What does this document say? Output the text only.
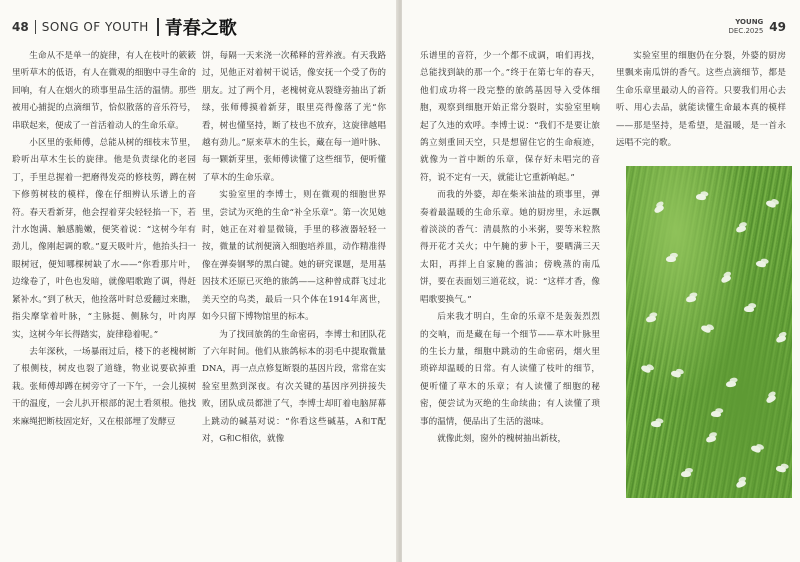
48 SONG OF YOUTH 青春之歌

生命从不是单一的旋律，有人在枝叶的簌簌里听草木的低语，有人在微观的细胞中寻生命的回响，有人在烟火的琐事里品生活的温情。那些被用心捕捉的点滴细节，恰似散落的音乐符号，串联起来，便成了一首活着动人的生命乐章。

小区里的张师傅，总能从树的细枝末节里，聆听出草木生长的旋律。他是负责绿化的老园丁，手里总握着一把磨得发亮的修枝剪，蹲在树下修剪树枝的模样，像在仔细辨认乐谱上的音符。春天看新芽，他会捏着芽尖轻轻掐一下，若汁水饱满、触感脆嫩，便笑着说：“这树今年有劲儿，像刚起调的歌。”夏天吸叶片，他抬头扫一眼树冠，便知哪棵树缺了水——“你看那片叶，边缘卷了，叶色也发暗，就像唱歌跑了调，得赶紧补水。”到了秋天，他捡落叶时总爱翻过来瞧，指尖摩挲着叶脉，“主脉挺、侧脉匀，叶肉厚实，这树今年长得踏实，旋律稳着呢。”

去年深秋，一场暴雨过后，楼下的老槐树断了根侧枝，树皮也裂了道缝，物业说要砍掉重栽。张师傅却蹲在树旁守了一下午，一会儿摸树干的温度，一会儿扒开根部的泥土看须根。他找来麻绳把断枝固定好，又在根部埋了发酵豆

饼，每隔一天来浇一次稀释的营养液。有天我路过，见他正对着树干说话，像安抚一个受了伤的朋友。过了两个月，老槐树竟从裂缝旁抽出了新绿，张师傅摸着新芽，眼里亮得像落了光“你看，树也懂坚持，断了枝也不放弃，这旋律越唱越有劲儿。”原来草木的生长，藏在每一道叶脉、每一颗新芽里，张师傅读懂了这些细节，便听懂了草木的生命乐章。

实验室里的李博士，则在微观的细胞世界里，尝试为灭绝的生命“补全乐章”。第一次见她时，她正在对着显微镜，手里的移液器轻轻一按，微量的试剂便滴入细胞培养皿，动作精准得像在弹奏钢琴的黑白键。她的研究课题，是用基因技术还原已灭绝的旅鸽——这种曾成群飞过北美天空的鸟类，最后一只个体在1914年离世，如今只留下博物馆里的标本。

为了找回旅鸽的生命密码，李博士和团队花了六年时间。他们从旅鸽标本的羽毛中提取微量DNA，再一点点修复断裂的基因片段，常常在实验室里熬到深夜。有次关键的基因序列拼接失败，团队成员都泄了气，李博士却盯着电脑屏幕上跳动的碱基对说：“你看这些碱基，A和T配对，G和C相依，就像

YOUNG
DEC.2025 49

乐谱里的音符，少一个都不成调，咱们再找，总能找到缺的那一个。”终于在第七年的春天，他们成功将一段完整的旅鸽基因导入受体细胞，观察到细胞开始正常分裂时，实验室里响起了久违的欢呼。李博士说：“我们不是要让旅鸽立刻重回天空，只是想留住它的生命痕迹，就像为一首中断的乐章，保存好未唱完的音符，说不定有一天，就能让它重新响起。”

而我的外婆，却在柴米油盐的琐事里，弹奏着最温暖的生命乐章。她的厨房里，永远飘着淡淡的香气：清晨熬的小米粥，要等米粒熬得开花才关火；中午腌的萝卜干，要晒满三天太阳，再拌上自家腌的酱油；傍晚蒸的南瓜饼，要在表面划三道花纹，说：“这样才香，像唱歌要换气。”

后来我才明白，生命的乐章不是轰轰烈烈的交响，而是藏在每一个细节——草木叶脉里的生长力量，细胞中跳动的生命密码，烟火里琐碎却温暖的日常。有人读懂了枝叶的细节，便听懂了草木的乐章；有人读懂了细胞的秘密，便尝试为灭绝的生命续曲；有人读懂了琐事的温情，便品出了生活的滋味。

就像此刻，窗外的槐树抽出新枝，

实验室里的细胞仍在分裂，外婆的厨房里飘来南瓜饼的香气。这些点滴细节，都是生命乐章里最动人的音符。只要我们用心去听、用心去品，就能读懂生命最本真的模样——那是坚持，是希望，是温暖，是一首永远唱不完的歌。
